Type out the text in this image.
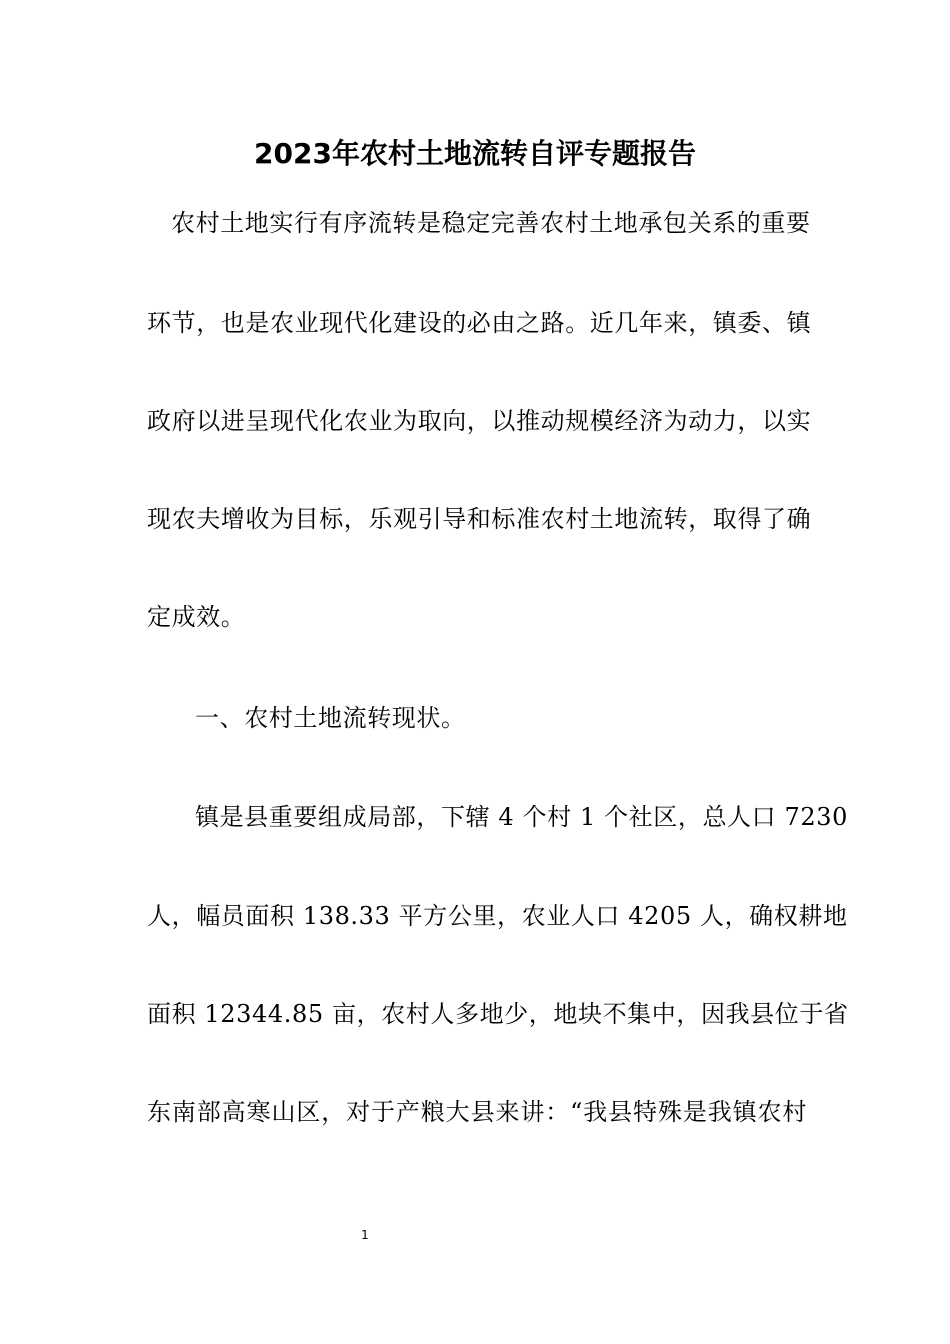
2023年农村土地流转自评专题报告
农村土地实行有序流转是稳定完善农村土地承包关系的重要
环节，也是农业现代化建设的必由之路。近几年来，镇委、镇
政府以进呈现代化农业为取向，以推动规模经济为动力，以实
现农夫增收为目标，乐观引导和标准农村土地流转，取得了确
定成效。
一、农村土地流转现状。
镇是县重要组成局部，下辖 4 个村 1 个社区，总人口 7230
人，幅员面积 138.33 平方公里，农业人口 4205 人，确权耕地
面积 12344.85 亩，农村人多地少，地块不集中，因我县位于省
东南部高寒山区，对于产粮大县来讲：“我县特殊是我镇农村
1
